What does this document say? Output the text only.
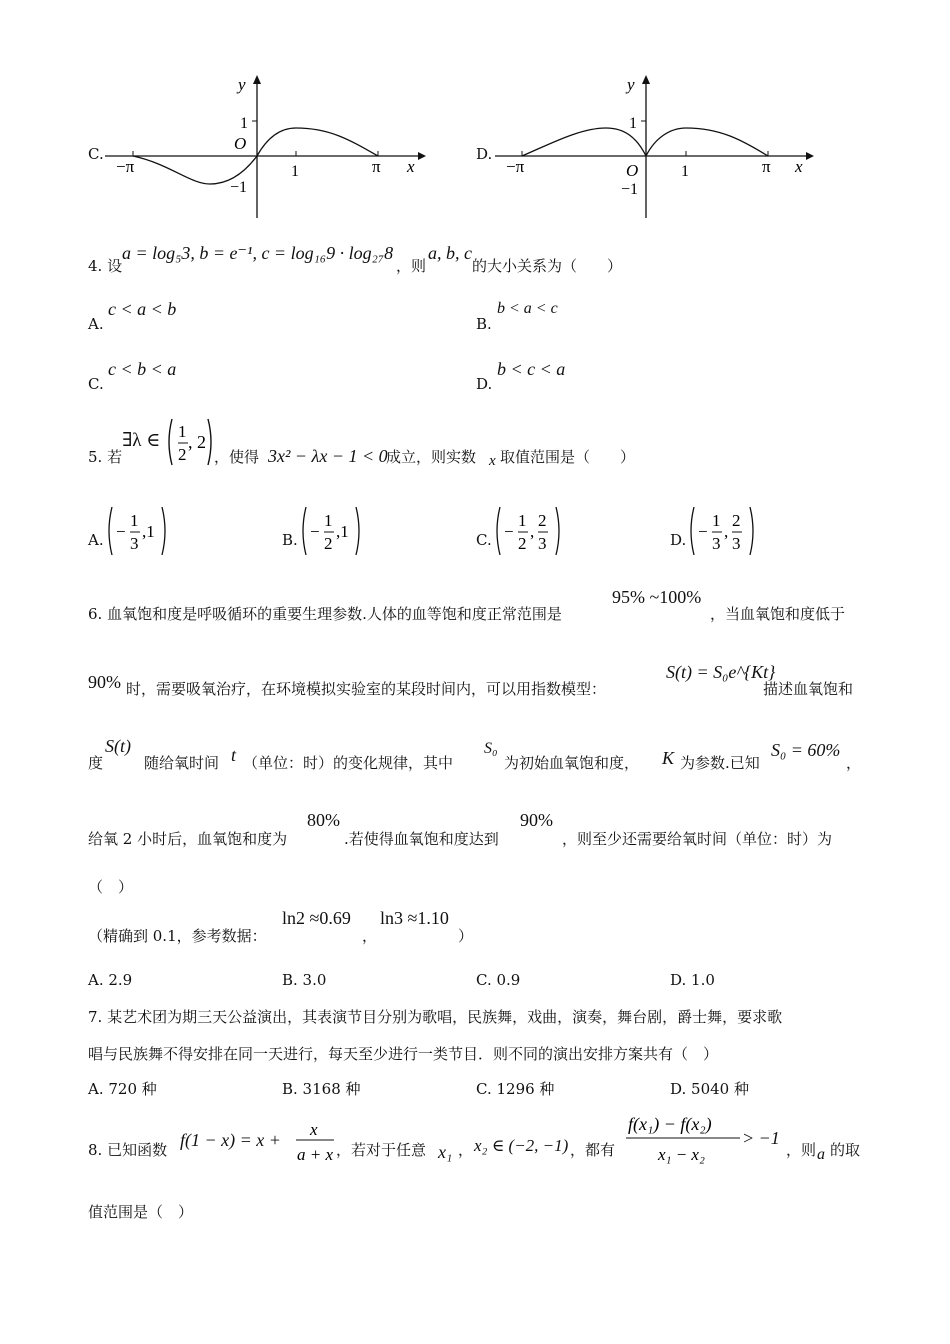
C.
y
x
O
1
−1
1
−π	π
D.
y
x
O
1
−1
1
−π	π
4. 设
a = log₅3, b = e⁻¹, c = log₁₆9 · log₂₇8
，则
a, b, c
的大小关系为（　　）
A.
c < a < b
B.
b < a < c
C.
c < b < a
D.
b < c < a
5. 若
∃λ ∈ 1
2
, 2
，使得 3x² − λx − 1 < 0
成立，则实数 x 取值范围是（　　）
A. −
1
3
,1	B. −
1
2
,1	C. −
1
2
,
2
3	D. −
1
3
,
2
3
6. 血氧饱和度是呼吸循环的重要生理参数.人体的血等饱和度正常范围是
95% ~100%
，当血氧饱和度低于
90% 时，需要吸氧治疗，在环境模拟实验室的某段时间内，可以用指数模型：
S(t) = S₀e^{Kt}
描述血氧饱和
度
S(t)
随给氧时间 t （单位：时）的变化规律，其中
S₀
为初始血氧饱和度， K 为参数.已知
S₀ = 60%
，
给氧 2 小时后，血氧饱和度为
80%
.若使得血氧饱和度达到
90%
，则至少还需要给氧时间（单位：时）为
（　）
（精确到 0.1，参考数据：
ln2 ≈0.69
，
ln3 ≈1.10
）
A. 2.9	B. 3.0	C. 0.9	D. 1.0
7. 某艺术团为期三天公益演出，其表演节目分别为歌唱，民族舞，戏曲，演奏，舞台剧，爵士舞，要求歌
唱与民族舞不得安排在同一天进行，每天至少进行一类节目．则不同的演出安排方案共有（　）
A. 720 种	B. 3168 种	C. 1296 种	D. 5040 种
8. 已知函数 f(1 − x) = x +
x
a + x ，若对于任意 x₁ ， x₂ ∈ (−2, −1) ，都有
f(x₁) − f(x₂)
x₁ − x₂
> −1
，则 a 的取
值范围是（　）
